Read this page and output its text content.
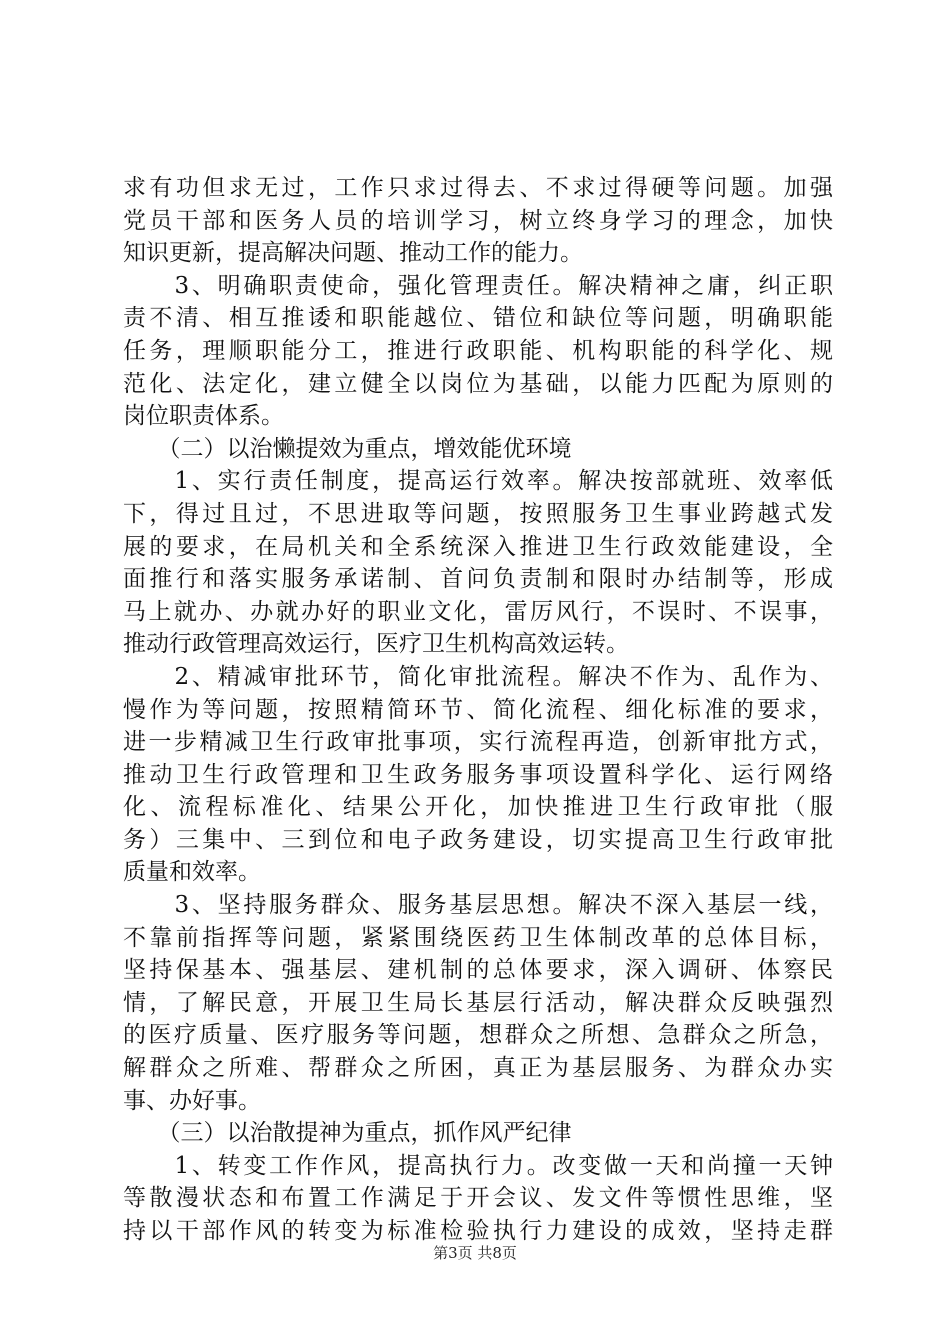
求有功但求无过，工作只求过得去、不求过得硬等问题。加强
党员干部和医务人员的培训学习，树立终身学习的理念，加快
知识更新，提高解决问题、推动工作的能力。
　　3、明确职责使命，强化管理责任。解决精神之庸，纠正职
责不清、相互推诿和职能越位、错位和缺位等问题，明确职能
任务，理顺职能分工，推进行政职能、机构职能的科学化、规
范化、法定化，建立健全以岗位为基础，以能力匹配为原则的
岗位职责体系。
　　（二）以治懒提效为重点，增效能优环境
　　1、实行责任制度，提高运行效率。解决按部就班、效率低
下，得过且过，不思进取等问题，按照服务卫生事业跨越式发
展的要求，在局机关和全系统深入推进卫生行政效能建设，全
面推行和落实服务承诺制、首问负责制和限时办结制等，形成
马上就办、办就办好的职业文化，雷厉风行，不误时、不误事，
推动行政管理高效运行，医疗卫生机构高效运转。
　　2、精减审批环节，简化审批流程。解决不作为、乱作为、
慢作为等问题，按照精简环节、简化流程、细化标准的要求，
进一步精减卫生行政审批事项，实行流程再造，创新审批方式，
推动卫生行政管理和卫生政务服务事项设置科学化、运行网络
化、流程标准化、结果公开化，加快推进卫生行政审批（服
务）三集中、三到位和电子政务建设，切实提高卫生行政审批
质量和效率。
　　3、坚持服务群众、服务基层思想。解决不深入基层一线，
不靠前指挥等问题，紧紧围绕医药卫生体制改革的总体目标，
坚持保基本、强基层、建机制的总体要求，深入调研、体察民
情，了解民意，开展卫生局长基层行活动，解决群众反映强烈
的医疗质量、医疗服务等问题，想群众之所想、急群众之所急，
解群众之所难、帮群众之所困，真正为基层服务、为群众办实
事、办好事。
　　（三）以治散提神为重点，抓作风严纪律
　　1、转变工作作风，提高执行力。改变做一天和尚撞一天钟
等散漫状态和布置工作满足于开会议、发文件等惯性思维，坚
持以干部作风的转变为标准检验执行力建设的成效，坚持走群
第3页 共8页
